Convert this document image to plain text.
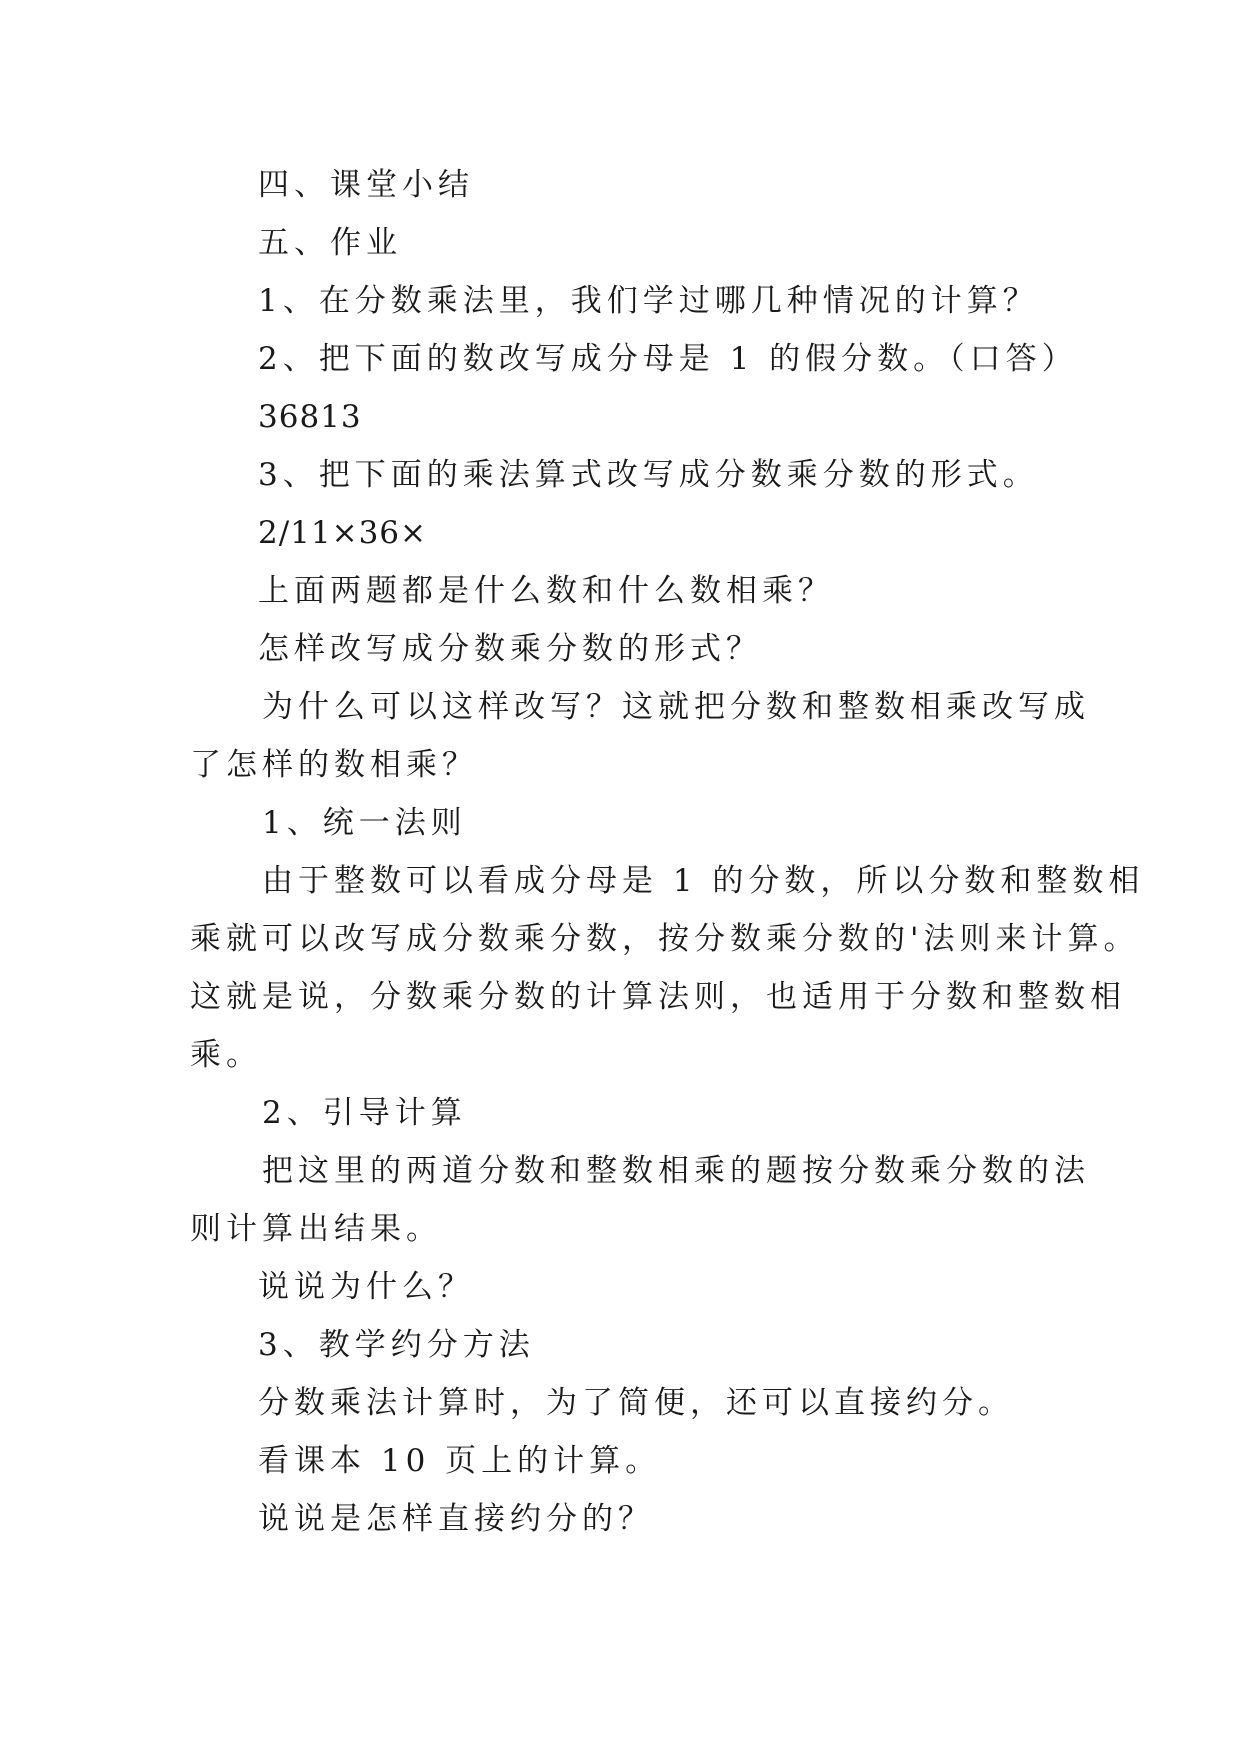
四、课堂小结
五、作业
1、在分数乘法里，我们学过哪几种情况的计算？
2、把下面的数改写成分母是 1 的假分数。（口答）
36813
3、把下面的乘法算式改写成分数乘分数的形式。
2/11×36×
上面两题都是什么数和什么数相乘？
怎样改写成分数乘分数的形式？
为什么可以这样改写？这就把分数和整数相乘改写成
了怎样的数相乘？
1、统一法则
由于整数可以看成分母是 1 的分数，所以分数和整数相
乘就可以改写成分数乘分数，按分数乘分数的'法则来计算。
这就是说，分数乘分数的计算法则，也适用于分数和整数相
乘。
2、引导计算
把这里的两道分数和整数相乘的题按分数乘分数的法
则计算出结果。
说说为什么？
3、教学约分方法
分数乘法计算时，为了简便，还可以直接约分。
看课本 10 页上的计算。
说说是怎样直接约分的？
